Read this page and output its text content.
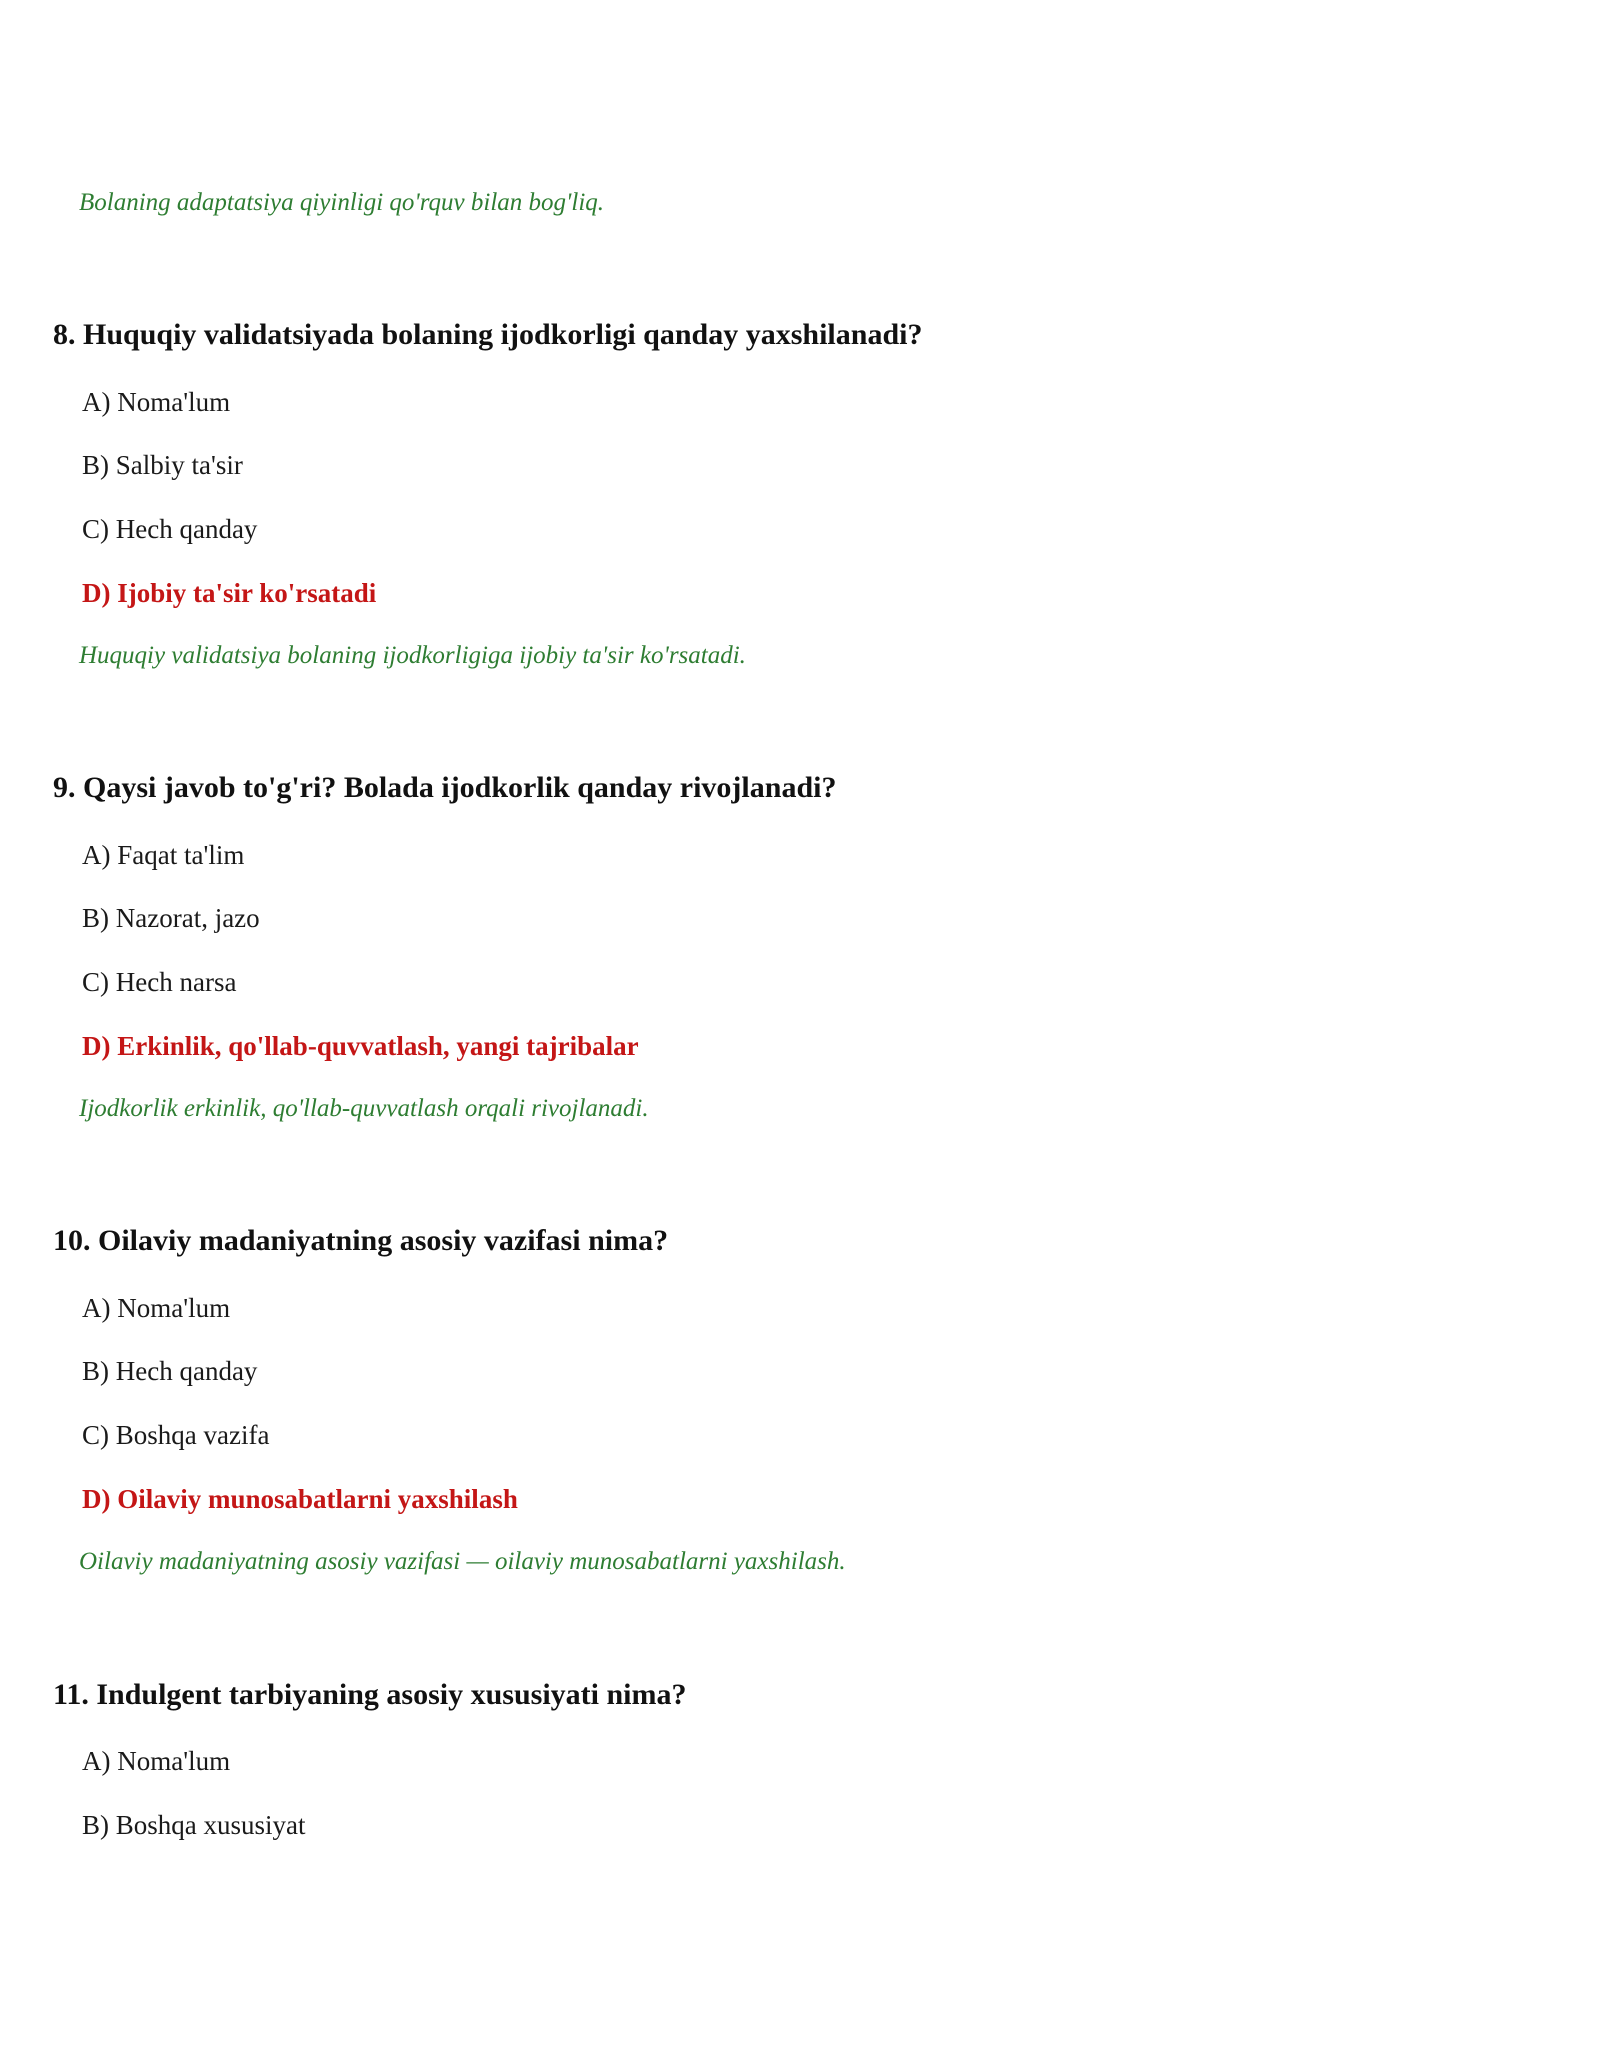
Bolaning adaptatsiya qiyinligi qo'rquv bilan bog'liq.
8. Huquqiy validatsiyada bolaning ijodkorligi qanday yaxshilanadi?
A) Noma'lum
B) Salbiy ta'sir
C) Hech qanday
D) Ijobiy ta'sir ko'rsatadi
Huquqiy validatsiya bolaning ijodkorligiga ijobiy ta'sir ko'rsatadi.
9. Qaysi javob to'g'ri? Bolada ijodkorlik qanday rivojlanadi?
A) Faqat ta'lim
B) Nazorat, jazo
C) Hech narsa
D) Erkinlik, qo'llab-quvvatlash, yangi tajribalar
Ijodkorlik erkinlik, qo'llab-quvvatlash orqali rivojlanadi.
10. Oilaviy madaniyatning asosiy vazifasi nima?
A) Noma'lum
B) Hech qanday
C) Boshqa vazifa
D) Oilaviy munosabatlarni yaxshilash
Oilaviy madaniyatning asosiy vazifasi — oilaviy munosabatlarni yaxshilash.
11. Indulgent tarbiyaning asosiy xususiyati nima?
A) Noma'lum
B) Boshqa xususiyat
